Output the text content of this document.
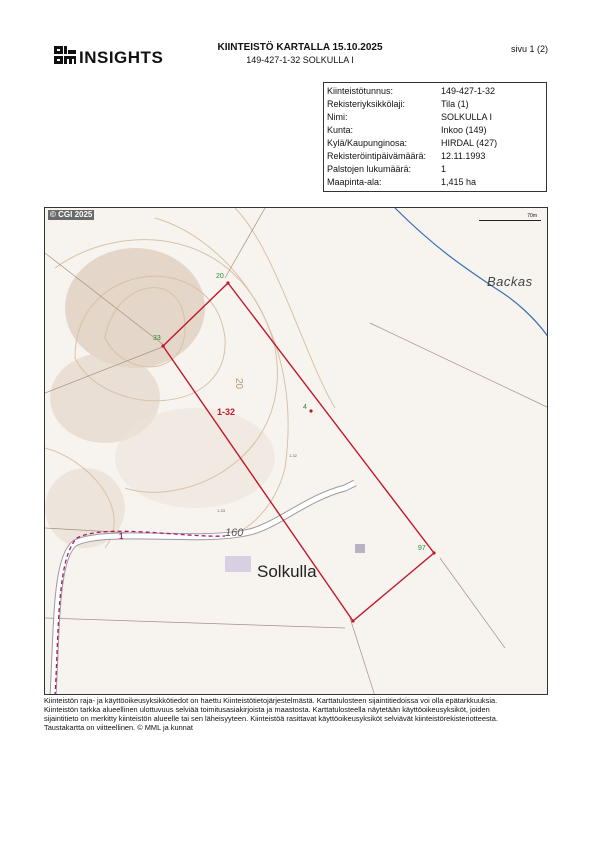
INSIGHTS
KIINTEISTÖ KARTALLA 15.10.2025
149-427-1-32 SOLKULLA I
sivu 1 (2)
Kiinteistötunnus:	149-427-1-32
Rekisteriyksikkölaji:	Tila (1)
Nimi:	SOLKULLA I
Kunta:	Inkoo (149)
Kylä/Kaupunginosa:	HIRDAL (427)
Rekisteröintipäivämäärä:	12.11.1993
Palstojen lukumäärä:	1
Maapinta-ala:	1,415 ha
© CGI 2025	70m
Backas
Solkulla
1-32
160
20
1
20
33
4
97
1-32
1-33
Kiinteistön raja- ja käyttöoikeusyksikkötiedot on haettu Kiinteistötietojärjestelmästä. Karttatulosteen sijaintitiedoissa voi olla epätarkkuuksia.
Kiinteistön tarkka alueellinen ulottuvuus selviää toimitusasiakirjoista ja maastosta. Karttatulosteella näytetään käyttöoikeusyksiköt, joiden
sijaintitieto on merkitty kiinteistön alueelle tai sen läheisyyteen. Kiinteistöä rasittavat käyttöoikeusyksiköt selviävät kiinteistörekisteriotteesta.
Taustakartta on viitteellinen. © MML ja kunnat
